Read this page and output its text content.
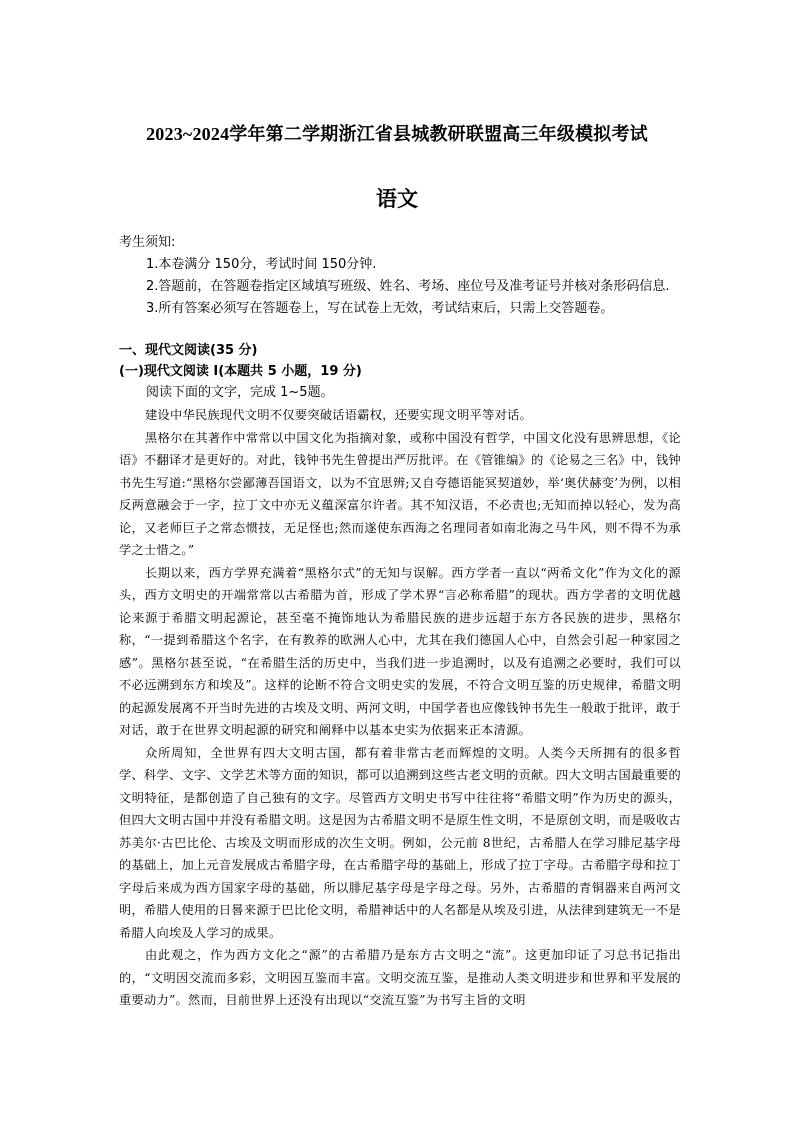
2023~2024学年第二学期浙江省县城教研联盟高三年级模拟考试
语文

考生须知:

1.本卷满分 150分，考试时间 150分钟.

2.答题前，在答题卷指定区域填写班级、姓名、考场、座位号及准考证号并核对条形码信息.

3.所有答案必须写在答题卷上，写在试卷上无效，考试结束后，只需上交答题卷。

一、现代文阅读(35 分)

(一)现代文阅读 I(本题共 5 小题，19 分)

阅读下面的文字，完成 1~5题。

建设中华民族现代文明不仅要突破话语霸权，还要实现文明平等对话。

黑格尔在其著作中常常以中国文化为指摘对象，或称中国没有哲学，中国文化没有思辨思想，《论语》不翻译才是更好的。对此，钱钟书先生曾提出严厉批评。在《管锥编》的《论易之三名》中，钱钟书先生写道:“黑格尔尝鄙薄吾国语文，以为不宜思辨;又自夸德语能冥契道妙，举‘奥伏赫变’为例，以相反两意融会于一字，拉丁文中亦无义蕴深富尔许者。其不知汉语，不必责也;无知而掉以轻心，发为高论，又老师巨子之常态惯技，无足怪也;然而遂使东西海之名理同者如南北海之马牛风，则不得不为承学之士惜之。”

长期以来，西方学界充满着“黑格尔式”的无知与误解。西方学者一直以“两希文化”作为文化的源头，西方文明史的开端常常以古希腊为首，形成了学术界“言必称希腊”的现状。西方学者的文明优越论来源于希腊文明起源论，甚至毫不掩饰地认为希腊民族的进步远超于东方各民族的进步，黑格尔称，“一提到希腊这个名字，在有教养的欧洲人心中，尤其在我们德国人心中，自然会引起一种家园之感”。黑格尔甚至说，“在希腊生活的历史中，当我们进一步追溯时，以及有追溯之必要时，我们可以不必远溯到东方和埃及”。这样的论断不符合文明史实的发展，不符合文明互鉴的历史规律，希腊文明的起源发展离不开当时先进的古埃及文明、两河文明，中国学者也应像钱钟书先生一般敢于批评，敢于对话，敢于在世界文明起源的研究和阐释中以基本史实为依据来正本清源。

众所周知，全世界有四大文明古国，都有着非常古老而辉煌的文明。人类今天所拥有的很多哲学、科学、文字、文学艺术等方面的知识，都可以追溯到这些古老文明的贡献。四大文明古国最重要的文明特征，是都创造了自己独有的文字。尽管西方文明史书写中往往将“希腊文明”作为历史的源头，但四大文明古国中并没有希腊文明。这是因为古希腊文明不是原生性文明，不是原创文明，而是吸收古苏美尔·古巴比伦、古埃及文明而形成的次生文明。例如，公元前 8世纪，古希腊人在学习腓尼基字母的基础上，加上元音发展成古希腊字母，在古希腊字母的基础上，形成了拉丁字母。古希腊字母和拉丁字母后来成为西方国家字母的基础，所以腓尼基字母是字母之母。另外，古希腊的青铜器来自两河文明，希腊人使用的日晷来源于巴比伦文明，希腊神话中的人名都是从埃及引进，从法律到建筑无一不是希腊人向埃及人学习的成果。

由此观之，作为西方文化之“源”的古希腊乃是东方古文明之“流”。这更加印证了习总书记指出的，“文明因交流而多彩，文明因互鉴而丰富。文明交流互鉴，是推动人类文明进步和世界和平发展的重要动力”。然而，目前世界上还没有出现以“交流互鉴”为书写主旨的文明
